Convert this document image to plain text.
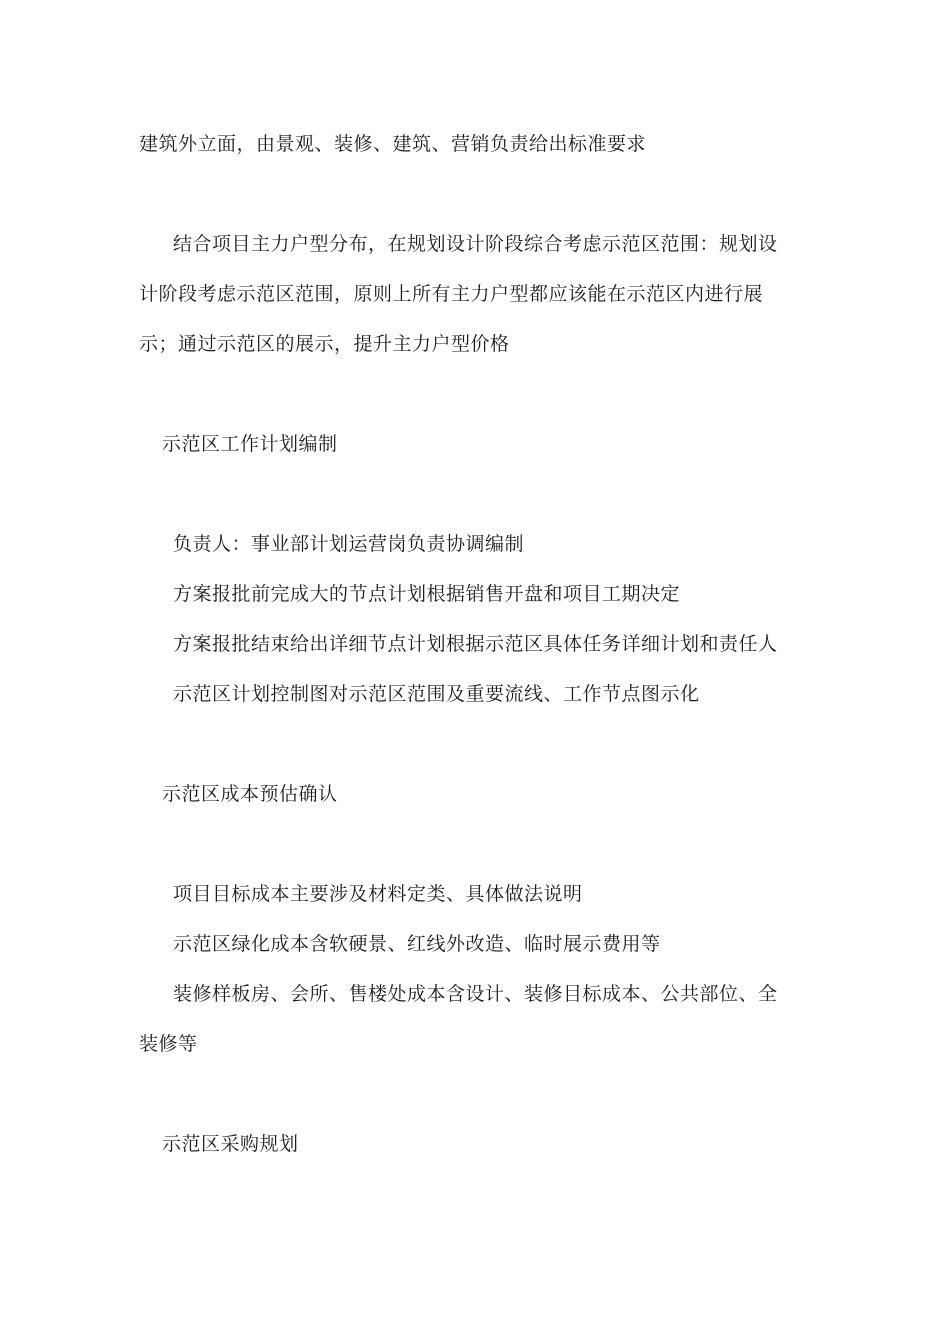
建筑外立面，由景观、装修、建筑、营销负责给出标准要求
结合项目主力户型分布，在规划设计阶段综合考虑示范区范围：规划设
计阶段考虑示范区范围，原则上所有主力户型都应该能在示范区内进行展
示；通过示范区的展示，提升主力户型价格
示范区工作计划编制
负责人：事业部计划运营岗负责协调编制
方案报批前完成大的节点计划根据销售开盘和项目工期决定
方案报批结束给出详细节点计划根据示范区具体任务详细计划和责任人
示范区计划控制图对示范区范围及重要流线、工作节点图示化
示范区成本预估确认
项目目标成本主要涉及材料定类、具体做法说明
示范区绿化成本含软硬景、红线外改造、临时展示费用等
装修样板房、会所、售楼处成本含设计、装修目标成本、公共部位、全
装修等
示范区采购规划
